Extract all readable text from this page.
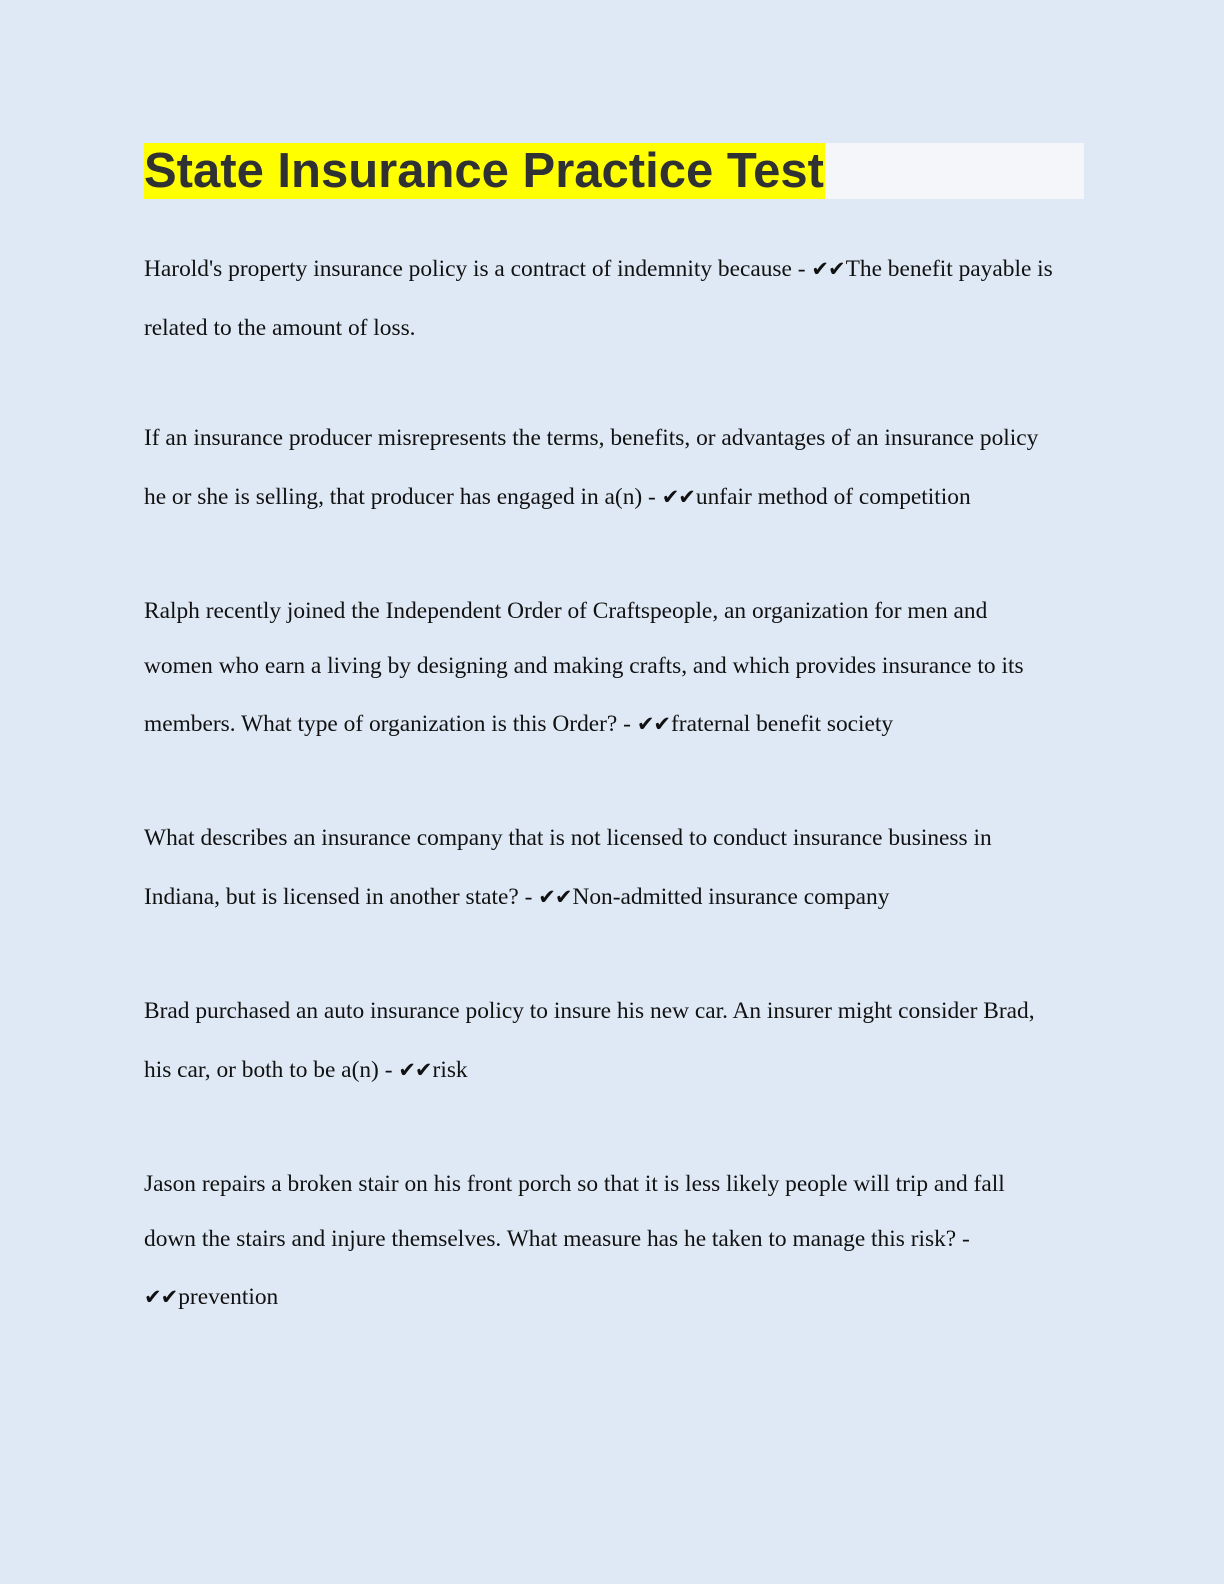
State Insurance Practice Test
Harold's property insurance policy is a contract of indemnity because - ✔✔The benefit payable is
related to the amount of loss.
If an insurance producer misrepresents the terms, benefits, or advantages of an insurance policy
he or she is selling, that producer has engaged in a(n) - ✔✔unfair method of competition
Ralph recently joined the Independent Order of Craftspeople, an organization for men and
women who earn a living by designing and making crafts, and which provides insurance to its
members. What type of organization is this Order? - ✔✔fraternal benefit society
What describes an insurance company that is not licensed to conduct insurance business in
Indiana, but is licensed in another state? - ✔✔Non-admitted insurance company
Brad purchased an auto insurance policy to insure his new car. An insurer might consider Brad,
his car, or both to be a(n) - ✔✔risk
Jason repairs a broken stair on his front porch so that it is less likely people will trip and fall
down the stairs and injure themselves. What measure has he taken to manage this risk? -
✔✔prevention
